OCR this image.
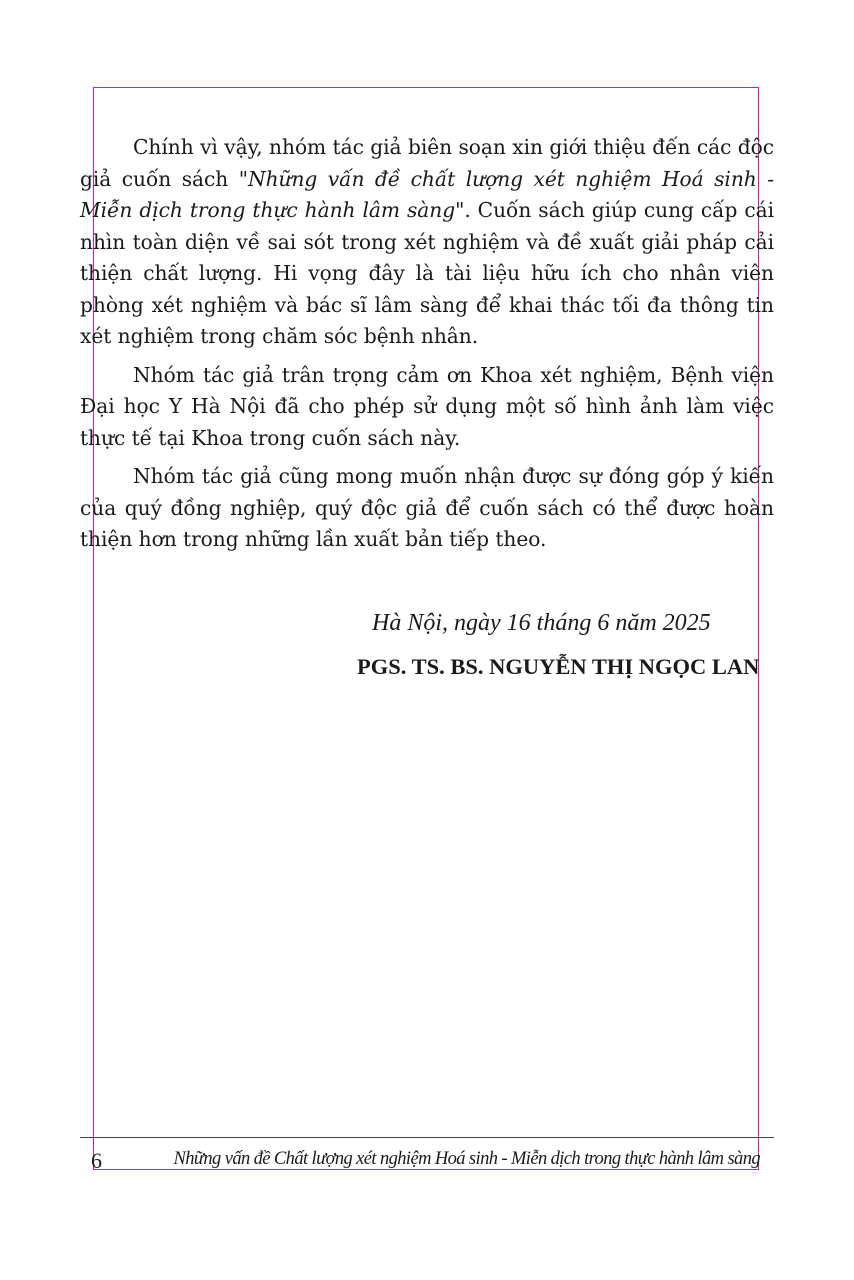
Chính vì vậy, nhóm tác giả biên soạn xin giới thiệu đến các độc giả cuốn sách "Những vấn đề chất lượng xét nghiệm Hoá sinh - Miễn dịch trong thực hành lâm sàng". Cuốn sách giúp cung cấp cái nhìn toàn diện về sai sót trong xét nghiệm và đề xuất giải pháp cải thiện chất lượng. Hi vọng đây là tài liệu hữu ích cho nhân viên phòng xét nghiệm và bác sĩ lâm sàng để khai thác tối đa thông tin xét nghiệm trong chăm sóc bệnh nhân.

Nhóm tác giả trân trọng cảm ơn Khoa xét nghiệm, Bệnh viện Đại học Y Hà Nội đã cho phép sử dụng một số hình ảnh làm việc thực tế tại Khoa trong cuốn sách này.

Nhóm tác giả cũng mong muốn nhận được sự đóng góp ý kiến của quý đồng nghiệp, quý độc giả để cuốn sách có thể được hoàn thiện hơn trong những lần xuất bản tiếp theo.

Hà Nội, ngày 16 tháng 6 năm 2025
PGS. TS. BS. NGUYỄN THỊ NGỌC LAN
6	Những vấn đề Chất lượng xét nghiệm Hoá sinh - Miễn dịch trong thực hành lâm sàng
